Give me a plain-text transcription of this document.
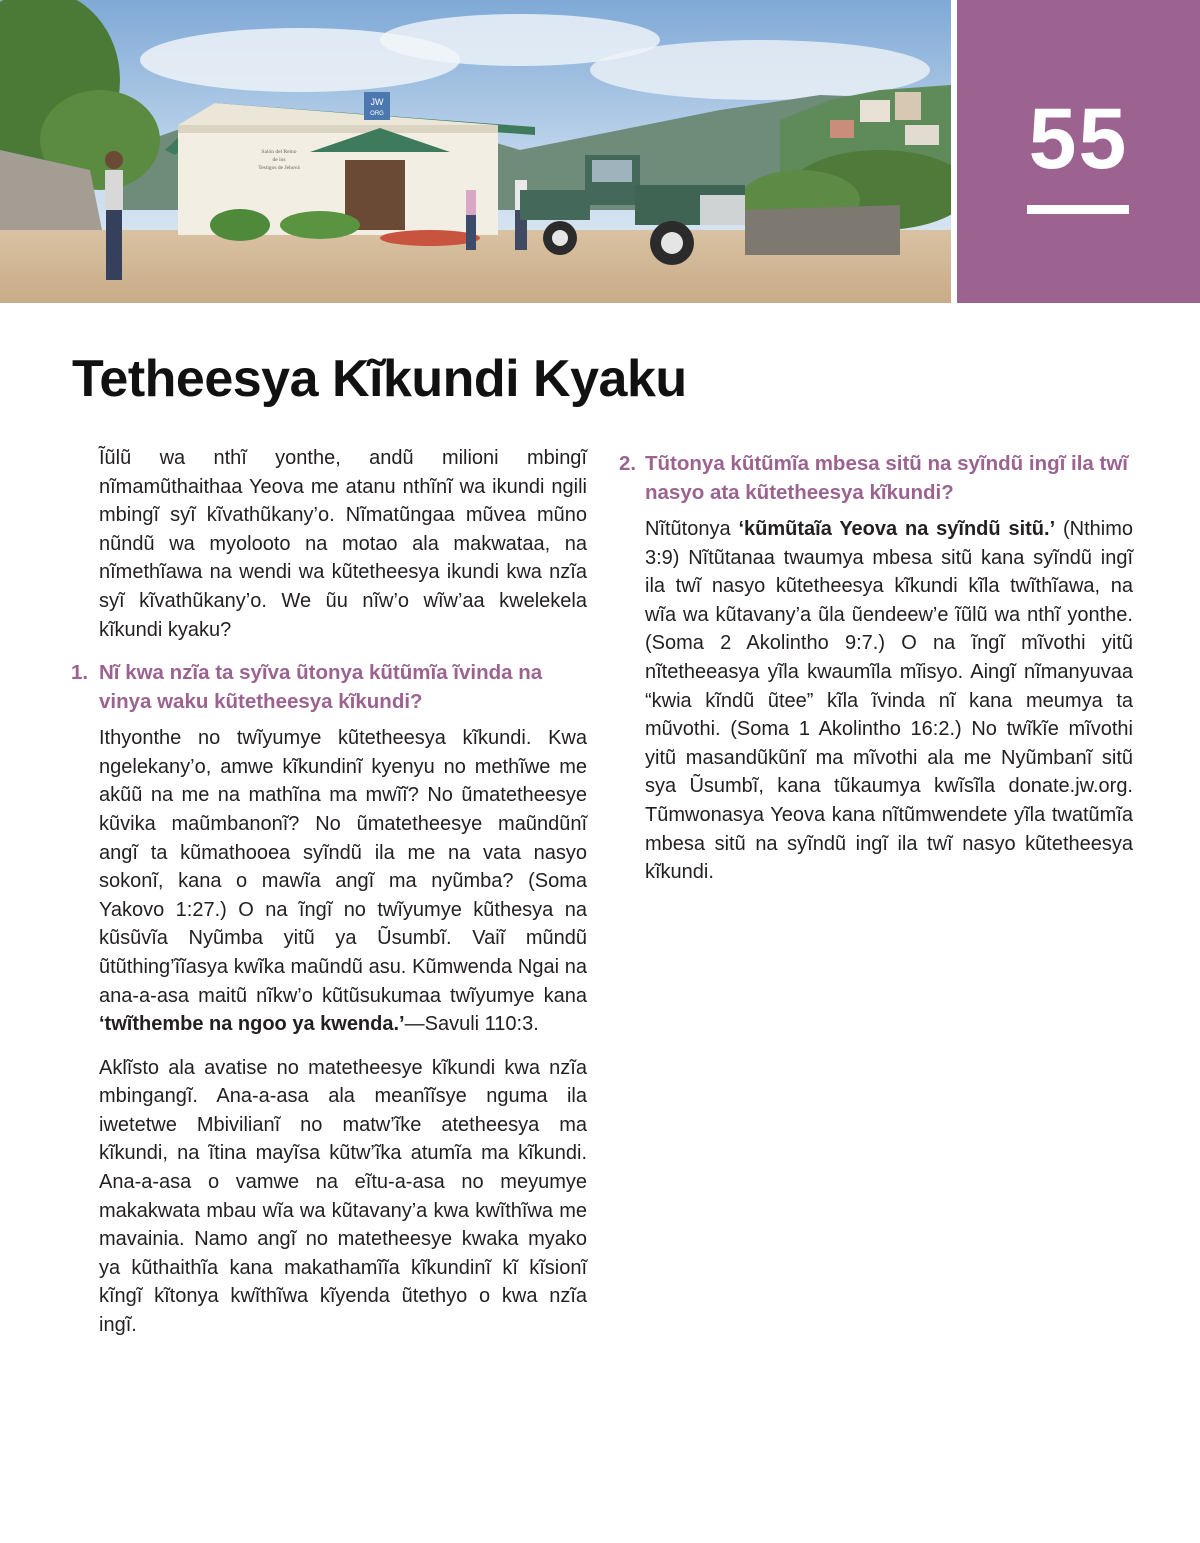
JW
ORG
Salón del Reino
de los
Testigos de Jehová	55
Tetheesya Kĩkundi Kyaku

Ĩũlũ wa nthĩ yonthe, andũ milioni mbingĩ nĩmamũthaithaa Yeova me atanu nthĩnĩ wa ikundi ngili mbingĩ syĩ kĩvathũkany’o. Nĩmatũngaa mũvea mũno nũndũ wa myolooto na motao ala makwataa, na nĩmethĩawa na wendi wa kũtetheesya ikundi kwa nzĩa syĩ kĩvathũkany’o. We ũu nĩw’o wĩw’aa kwelekela kĩkundi kyaku?

1. Nĩ kwa nzĩa ta syĩva ũtonya kũtũmĩa ĩvinda na vinya waku kũtetheesya kĩkundi?

Ithyonthe no twĩyumye kũtetheesya kĩkundi. Kwa ngelekany’o, amwe kĩkundinĩ kyenyu no methĩwe me akũũ na me na mathĩna ma mwĩĩ? No ũmatetheesye kũvika maũmbanonĩ? No ũmatetheesye maũndũnĩ angĩ ta kũmathooea syĩndũ ila me na vata nasyo sokonĩ, kana o mawĩa angĩ ma nyũmba? (Soma Yakovo 1:27.) O na ĩngĩ no twĩyumye kũthesya na kũsũvĩa Nyũmba yitũ ya Ũsumbĩ. Vaiĩ mũndũ ũtũthing’ĩĩasya kwĩka maũndũ asu. Kũmwenda Ngai na ana-a-asa maitũ nĩkw’o kũtũsukumaa twĩyumye kana ‘twĩthembe na ngoo ya kwenda.’—Savuli 110:3.

Aklĩsto ala avatise no matetheesye kĩkundi kwa nzĩa mbingangĩ. Ana-a-asa ala meanĩĩsye nguma ila iwetetwe Mbivilianĩ no matw’ĩke atetheesya ma kĩkundi, na ĩtina mayĩsa kũtw’ĩka atumĩa ma kĩkundi. Ana-a-asa o vamwe na eĩtu-a-asa no meyumye makakwata mbau wĩa wa kũtavany’a kwa kwĩthĩwa me mavainia. Namo angĩ no matetheesye kwaka myako ya kũthaithĩa kana makathamĩĩa kĩkundinĩ kĩ kĩsionĩ kĩngĩ kĩtonya kwĩthĩwa kĩyenda ũtethyo o kwa nzĩa ingĩ.

2. Tũtonya kũtũmĩa mbesa sitũ na syĩndũ ingĩ ila twĩ nasyo ata kũtetheesya kĩkundi?

Nĩtũtonya ‘kũmũtaĩa Yeova na syĩndũ sitũ.’ (Nthimo 3:9) Nĩtũtanaa twaumya mbesa sitũ kana syĩndũ ingĩ ila twĩ nasyo kũtetheesya kĩkundi kĩla twĩthĩawa, na wĩa wa kũtavany’a ũla ũendeew’e ĩũlũ wa nthĩ yonthe. (Soma 2 Akolintho 9:7.) O na ĩngĩ mĩvothi yitũ nĩtetheeasya yĩla kwaumĩla mĩisyo. Aingĩ nĩmanyuvaa “kwia kĩndũ ũtee” kĩla ĩvinda nĩ kana meumya ta mũvothi. (Soma 1 Akolintho 16:2.) No twĩkĩe mĩvothi yitũ masandũkũnĩ ma mĩvothi ala me Nyũmbanĩ sitũ sya Ũsumbĩ, kana tũkaumya kwĩsĩla donate.jw.org. Tũmwonasya Yeova kana nĩtũmwendete yĩla twatũmĩa mbesa sitũ na syĩndũ ingĩ ila twĩ nasyo kũtetheesya kĩkundi.
